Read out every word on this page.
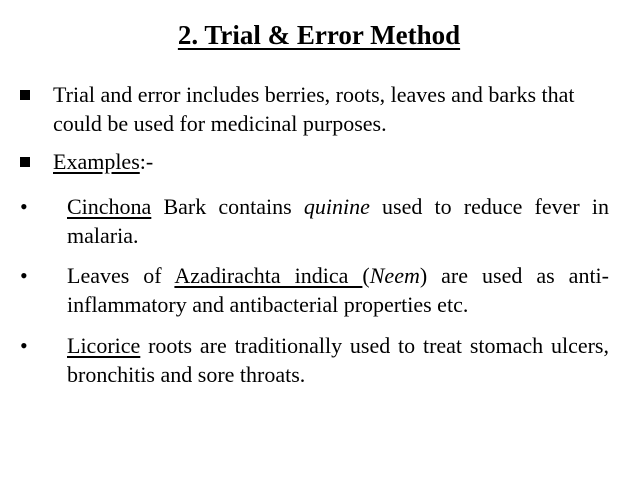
2. Trial & Error Method
Trial and error includes berries, roots, leaves and barks that could be used for medicinal purposes.
Examples:-
• Cinchona Bark contains quinine used to reduce fever in malaria.
• Leaves of Azadirachta indica (Neem) are used as anti-inflammatory and antibacterial properties etc.
• Licorice roots are traditionally used to treat stomach ulcers, bronchitis and sore throats.
